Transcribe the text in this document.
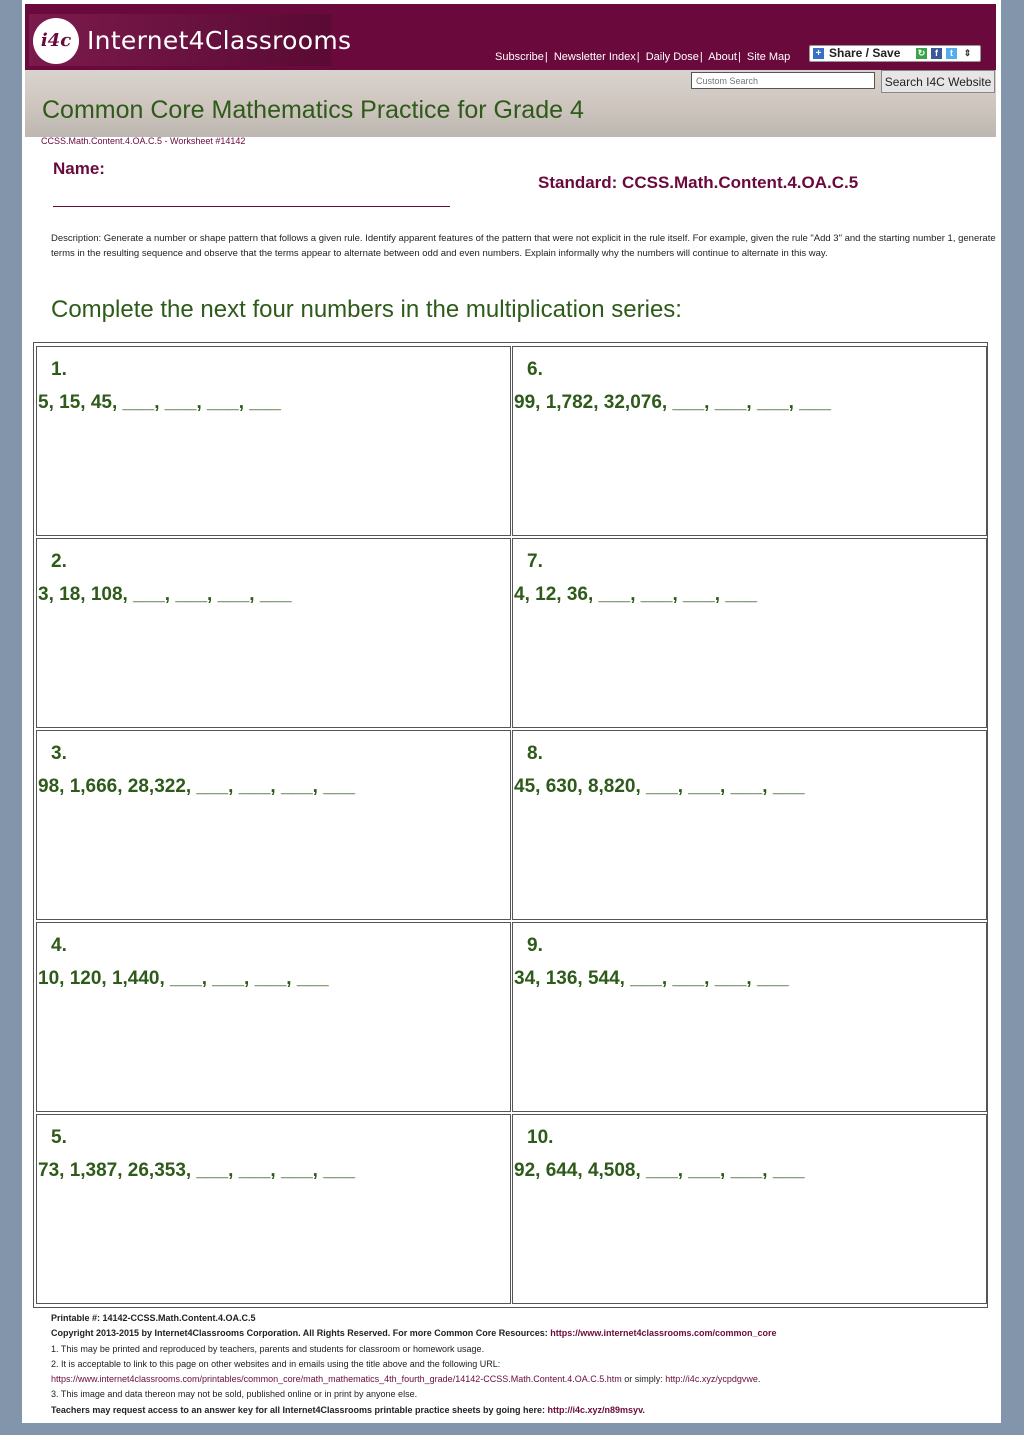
i4c Internet4Classrooms
Subscribe| Newsletter Index| Daily Dose| About| Site Map	+ Share / Save ↻	f	t	⇕
Custom Search
Search I4C Website
Common Core Mathematics Practice for Grade 4
CCSS.Math.Content.4.OA.C.5 - Worksheet #14142
Name:
Standard: CCSS.Math.Content.4.OA.C.5
Description: Generate a number or shape pattern that follows a given rule. Identify apparent features of the pattern that were not explicit in the rule itself. For example, given the rule "Add 3" and the starting number 1, generate terms in the resulting sequence and observe that the terms appear to alternate between odd and even numbers. Explain informally why the numbers will continue to alternate in this way.
Complete the next four numbers in the multiplication series:
1.
5, 15, 45, ___, ___, ___, ___
2.
3, 18, 108, ___, ___, ___, ___
3.
98, 1,666, 28,322, ___, ___, ___, ___
4.
10, 120, 1,440, ___, ___, ___, ___
5.
73, 1,387, 26,353, ___, ___, ___, ___
6.
99, 1,782, 32,076, ___, ___, ___, ___
7.
4, 12, 36, ___, ___, ___, ___
8.
45, 630, 8,820, ___, ___, ___, ___
9.
34, 136, 544, ___, ___, ___, ___
10.
92, 644, 4,508, ___, ___, ___, ___
Printable #: 14142-CCSS.Math.Content.4.OA.C.5
Copyright 2013-2015 by Internet4Classrooms Corporation. All Rights Reserved. For more Common Core Resources: https://www.internet4classrooms.com/common_core
1. This may be printed and reproduced by teachers, parents and students for classroom or homework usage.
2. It is acceptable to link to this page on other websites and in emails using the title above and the following URL:
https://www.internet4classrooms.com/printables/common_core/math_mathematics_4th_fourth_grade/14142-CCSS.Math.Content.4.OA.C.5.htm or simply: http://i4c.xyz/ycpdgvwe.
3. This image and data thereon may not be sold, published online or in print by anyone else.
Teachers may request access to an answer key for all Internet4Classrooms printable practice sheets by going here: http://i4c.xyz/n89msyv.
